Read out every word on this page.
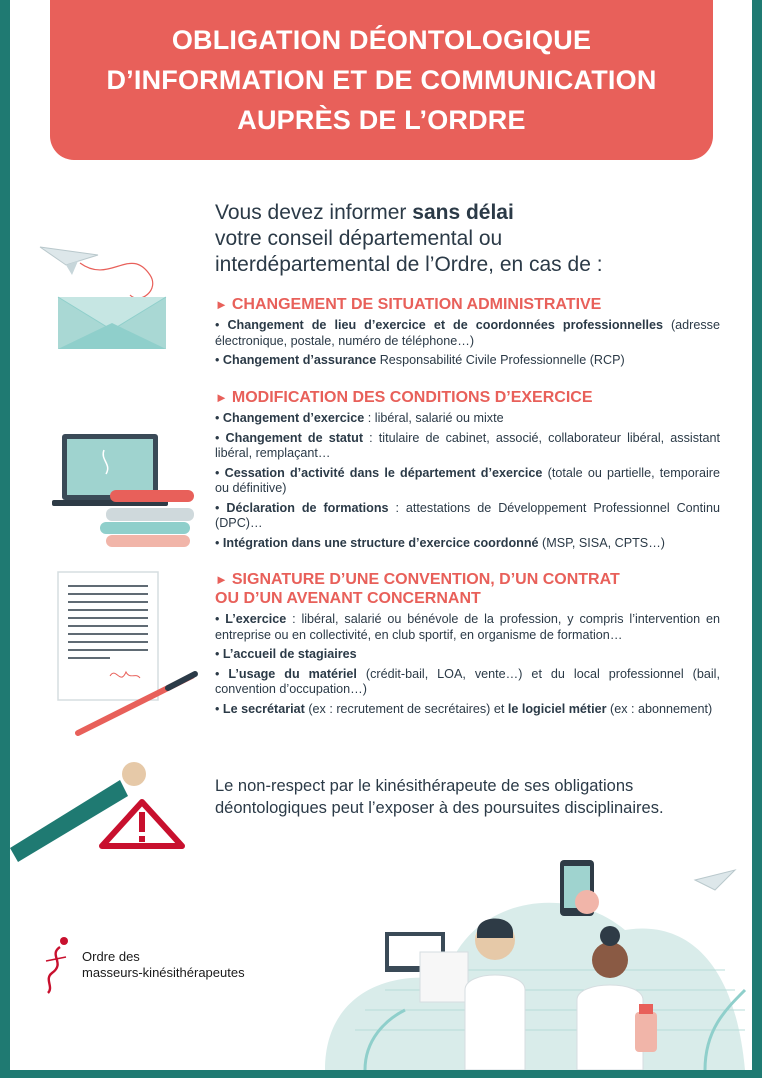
OBLIGATION DÉONTOLOGIQUE
D’INFORMATION ET DE COMMUNICATION
AUPRÈS DE L’ORDRE
Vous devez informer sans délai
votre conseil départemental ou
interdépartemental de l’Ordre, en cas de :
► CHANGEMENT DE SITUATION ADMINISTRATIVE
• Changement de lieu d’exercice et de coordonnées professionnelles (adresse électronique, postale, numéro de téléphone…)
• Changement d’assurance Responsabilité Civile Professionnelle (RCP)
► MODIFICATION DES CONDITIONS D’EXERCICE
• Changement d’exercice : libéral, salarié ou mixte
• Changement de statut : titulaire de cabinet, associé, collaborateur libéral, assistant libéral, remplaçant…
• Cessation d’activité dans le département d’exercice (totale ou partielle, temporaire ou définitive)
• Déclaration de formations : attestations de Développement Professionnel Continu (DPC)…
• Intégration dans une structure d’exercice coordonné (MSP, SISA, CPTS…)
► SIGNATURE D’UNE CONVENTION, D’UN CONTRAT
OU D’UN AVENANT CONCERNANT
• L’exercice : libéral, salarié ou bénévole de la profession, y compris l’intervention en entreprise ou en collectivité, en club sportif, en organisme de formation…
• L’accueil de stagiaires
• L’usage du matériel (crédit-bail, LOA, vente…) et du local professionnel (bail, convention d’occupation…)
• Le secrétariat (ex : recrutement de secrétaires) et le logiciel métier (ex : abonnement)
Le non-respect par le kinésithérapeute de ses obligations déontologiques peut l’exposer à des poursuites disciplinaires.
Ordre des
masseurs-kinésithérapeutes
